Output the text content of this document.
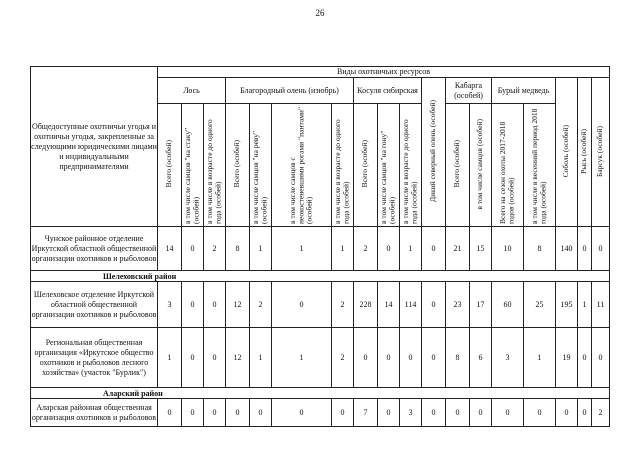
26
Общедоступные охотничьи угодья и охотничьи угодья, закрепленные за следующими юридическими лицами и индивидуальными предпринимателями	Виды охотничьих ресурсов																	
	Лось			Благородный олень (изюбрь)				Косуля сибирская			Дикий северный олень (особей)	Кабарга (особей)		Бурый медведь		Соболь (особей)	Рысь (особей)	Барсук (особей)
	Всего (особей)	в том числе самцов "на стаку" (особей)	в том числе в возрасте до одного года (особей)	Всего (особей)	в том числе самцов "на реву" (особей)	в том числе самцов с неокостеневшими рогами "пантами" (особей)	в том числе в возрасте до одного года (особей)	Всего (особей)	в том числе самцов "на гону" (особей)	в том числе в возрасте до одного года (особей)		Всего (особей)	в том числе самцов (особей)	Всего на сезон охоты 2017-2018 годов (особей)	в том числе в весенний период 2018 года (особей)			
Чунское районное отделение Иркутской областной общественной организации охотников и рыболовов	14	0	2	8	1	1	1	2	0	1	0	21	15	10	8	140	0	0
Шелеховский район																		
Шелеховское отделение Иркутской областной общественной организации охотников и рыболовов	3	0	0	12	2	0	2	228	14	114	0	23	17	60	25	195	1	11
Региональная общественная организация «Иркутское общество охотников и рыболовов лесного хозяйства» (участок "Бурлик")	1	0	0	12	1	1	2	0	0	0	0	8	6	3	1	19	0	0
Аларский район																		
Аларская районная общественная организация охотников и рыболовов	0	0	0	0	0	0	0	7	0	3	0	0	0	0	0	0	0	2
